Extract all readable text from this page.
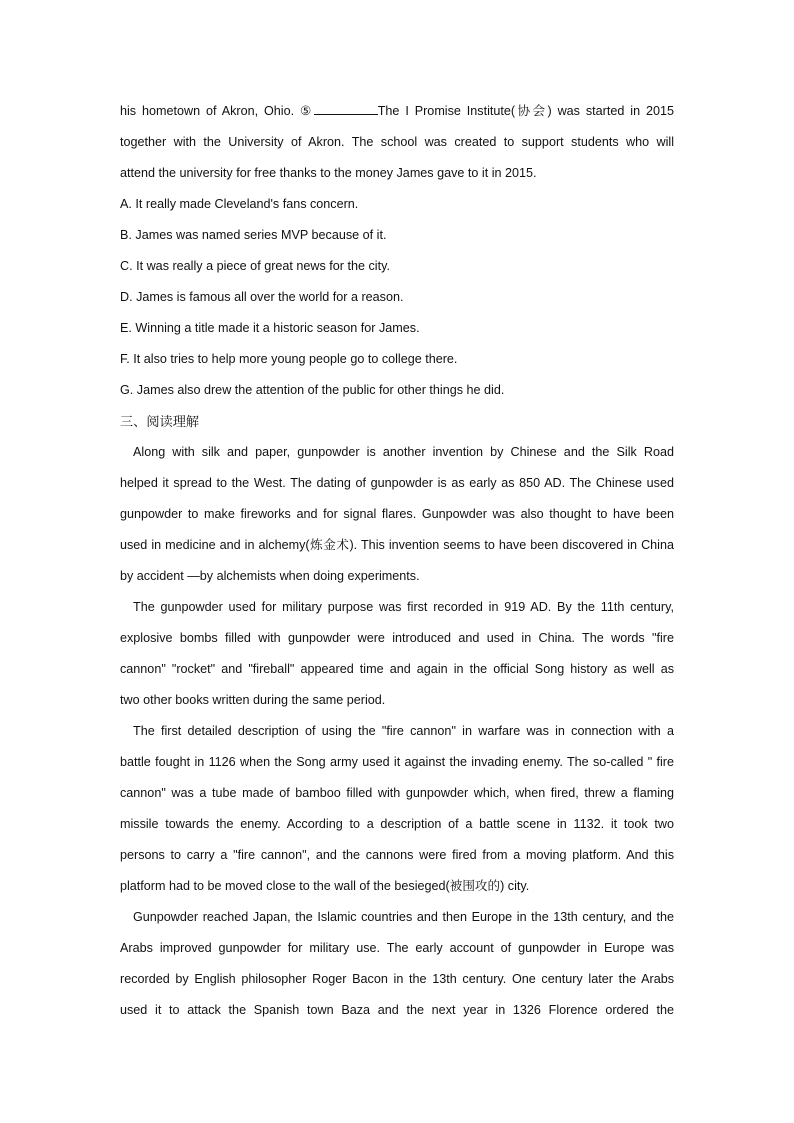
his hometown of Akron, Ohio. ⑤	The I Promise Institute(协会) was started in 2015

together with the University of Akron. The school was created to support students who will

attend the university for free thanks to the money James gave to it in 2015.

A. It really made Cleveland's fans concern.

B. James was named series MVP because of it.

C. It was really a piece of great news for the city.

D. James is famous all over the world for a reason.

E. Winning a title made it a historic season for James.

F. It also tries to help more young people go to college there.

G. James also drew the attention of the public for other things he did.

三、阅读理解

Along with silk and paper, gunpowder is another invention by Chinese and the Silk Road

helped it spread to the West. The dating of gunpowder is as early as 850 AD. The Chinese used

gunpowder to make fireworks and for signal flares. Gunpowder was also thought to have been

used in medicine and in alchemy(炼金术). This invention seems to have been discovered in China

by accident —by alchemists when doing experiments.

The gunpowder used for military purpose was first recorded in 919 AD. By the 11th century,

explosive bombs filled with gunpowder were introduced and used in China. The words "fire

cannon" "rocket" and "fireball" appeared time and again in the official Song history as well as

two other books written during the same period.

The first detailed description of using the "fire cannon" in warfare was in connection with a

battle fought in 1126 when the Song army used it against the invading enemy. The so-called " fire

cannon" was a tube made of bamboo filled with gunpowder which, when fired, threw a flaming

missile towards the enemy. According to a description of a battle scene in 1132. it took two

persons to carry a "fire cannon", and the cannons were fired from a moving platform. And this

platform had to be moved close to the wall of the besieged(被围攻的) city.

Gunpowder reached Japan, the Islamic countries and then Europe in the 13th century, and the

Arabs improved gunpowder for military use. The early account of gunpowder in Europe was

recorded by English philosopher Roger Bacon in the 13th century. One century later the Arabs

used it to attack the Spanish town Baza and the next year in 1326 Florence ordered the
